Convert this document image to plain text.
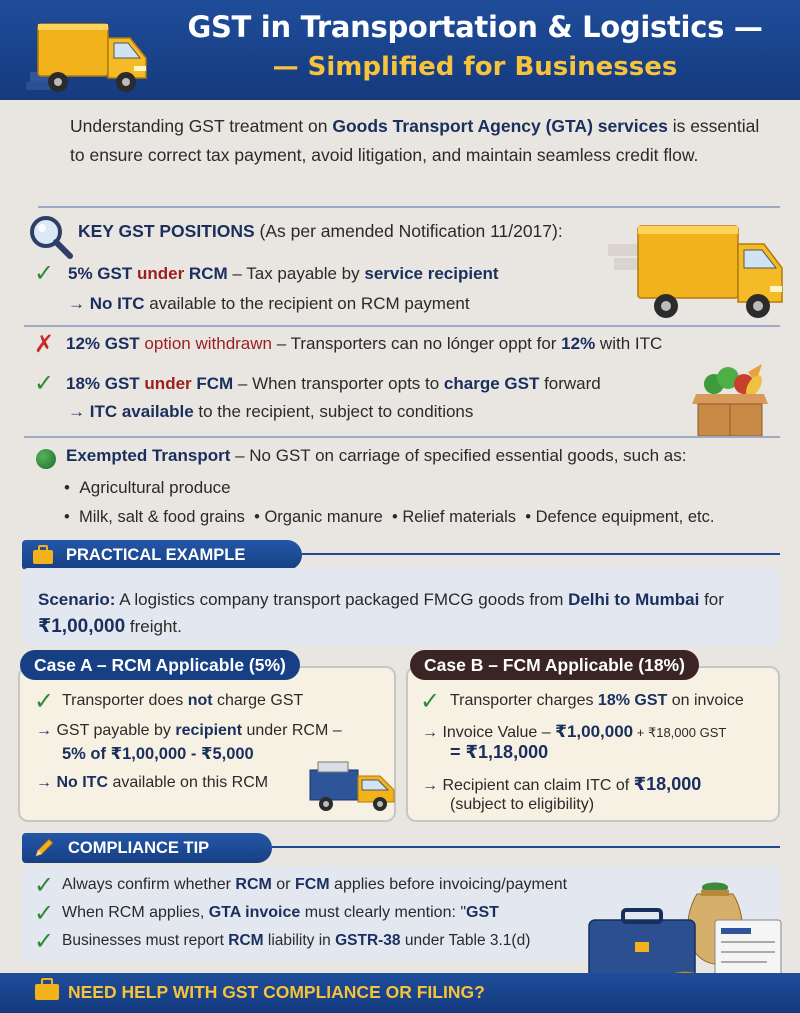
GST in Transportation & Logistics —
— Simplified for Businesses
Understanding GST treatment on Goods Transport Agency (GTA) services is essential to ensure correct tax payment, avoid litigation, and maintain seamless credit flow.
KEY GST POSITIONS (As per amended Notification 11/2017):
✓ 5% GST under RCM – Tax payable by service recipient
→ No ITC available to the recipient on RCM payment
✗ 12% GST option withdrawn – Transporters can no lónger oppt for 12% with ITC
✓ 18% GST under FCM – When transporter opts to charge GST forward
→ ITC available to the recipient, subject to conditions
Exempted Transport – No GST on carriage of specified essential goods, such as:
•  Agricultural produce
•  Milk, salt & food grains  • Organic manure  • Relief materials  • Defence equipment, etc.
PRACTICAL EXAMPLE
Scenario: A logistics company transport packaged FMCG goods from Delhi to Mumbai for
₹1,00,000 freight.
Case A – RCM Applicable (5%)
✓ Transporter does not charge GST
→ GST payable by recipient under RCM –
5% of ₹1,00,000 - ₹5,000
→ No ITC available on this RCM
Case B – FCM Applicable (18%)
✓ Transporter charges 18% GST on invoice
→ Invoice Value – ₹1,00,000 + ₹18,000 GST
= ₹1,18,000
→ Recipient can claim ITC of ₹18,000
(subject to eligibility)
COMPLIANCE TIP
✓ Always confirm whether RCM or FCM applies before invoicing/payment
✓ When RCM applies, GTA invoice must clearly mention: "GST
✓ Businesses must report RCM liability in GSTR-38 under Table 3.1(d)
NEED HELP WITH GST COMPLIANCE OR FILING?
